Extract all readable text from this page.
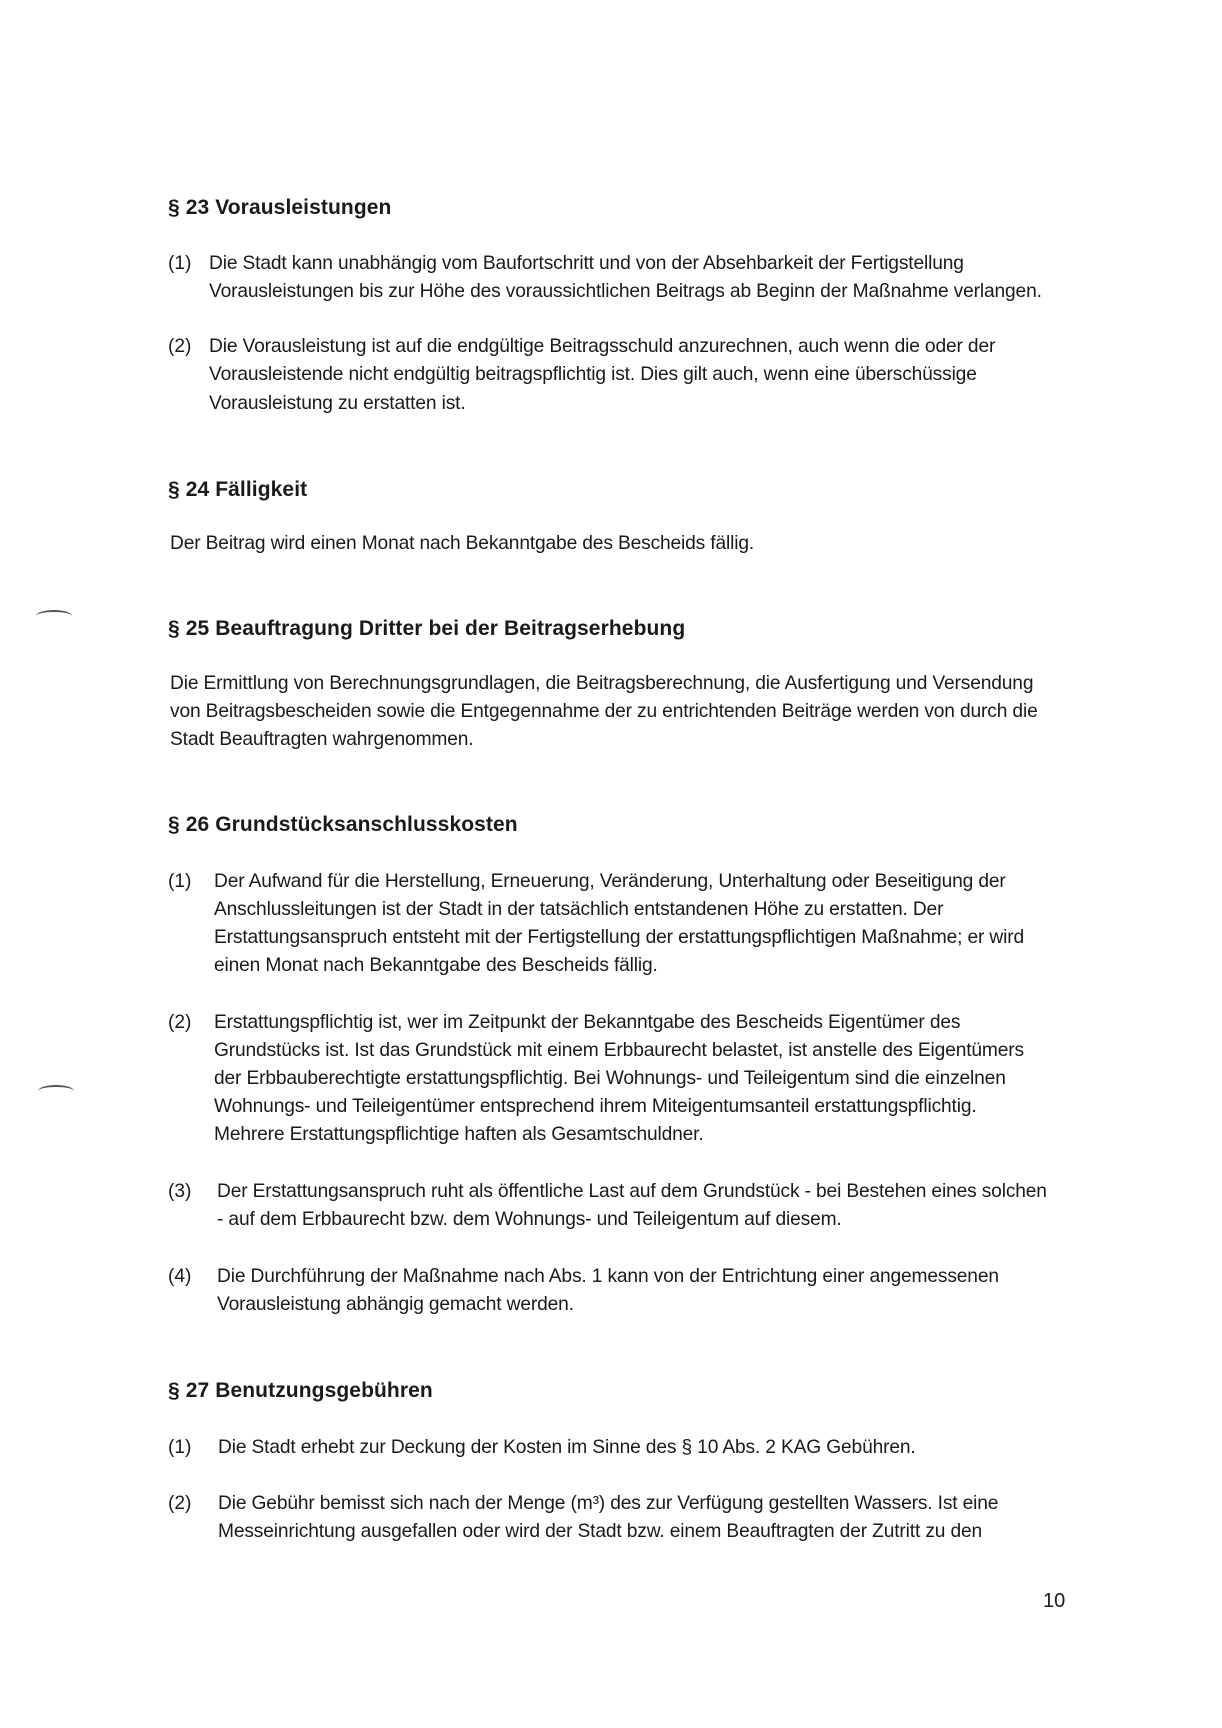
§ 23 Vorausleistungen
(1) Die Stadt kann unabhängig vom Baufortschritt und von der Absehbarkeit der Fertigstellung
Vorausleistungen bis zur Höhe des voraussichtlichen Beitrags ab Beginn der Maßnahme verlangen.
(2) Die Vorausleistung ist auf die endgültige Beitragsschuld anzurechnen, auch wenn die oder der
Vorausleistende nicht endgültig beitragspflichtig ist. Dies gilt auch, wenn eine überschüssige
Vorausleistung zu erstatten ist.
§ 24 Fälligkeit
Der Beitrag wird einen Monat nach Bekanntgabe des Bescheids fällig.
§ 25 Beauftragung Dritter bei der Beitragserhebung
Die Ermittlung von Berechnungsgrundlagen, die Beitragsberechnung, die Ausfertigung und Versendung
von Beitragsbescheiden sowie die Entgegennahme der zu entrichtenden Beiträge werden von durch die
Stadt Beauftragten wahrgenommen.
§ 26 Grundstücksanschlusskosten
(1) Der Aufwand für die Herstellung, Erneuerung, Veränderung, Unterhaltung oder Beseitigung der
Anschlussleitungen ist der Stadt in der tatsächlich entstandenen Höhe zu erstatten. Der
Erstattungsanspruch entsteht mit der Fertigstellung der erstattungspflichtigen Maßnahme; er wird
einen Monat nach Bekanntgabe des Bescheids fällig.
(2) Erstattungspflichtig ist, wer im Zeitpunkt der Bekanntgabe des Bescheids Eigentümer des
Grundstücks ist. Ist das Grundstück mit einem Erbbaurecht belastet, ist anstelle des Eigentümers
der Erbbauberechtigte erstattungspflichtig. Bei Wohnungs- und Teileigentum sind die einzelnen
Wohnungs- und Teileigentümer entsprechend ihrem Miteigentumsanteil erstattungspflichtig.
Mehrere Erstattungspflichtige haften als Gesamtschuldner.
(3) Der Erstattungsanspruch ruht als öffentliche Last auf dem Grundstück - bei Bestehen eines solchen
- auf dem Erbbaurecht bzw. dem Wohnungs- und Teileigentum auf diesem.
(4) Die Durchführung der Maßnahme nach Abs. 1 kann von der Entrichtung einer angemessenen
Vorausleistung abhängig gemacht werden.
§ 27 Benutzungsgebühren
(1) Die Stadt erhebt zur Deckung der Kosten im Sinne des § 10 Abs. 2 KAG Gebühren.
(2) Die Gebühr bemisst sich nach der Menge (m³) des zur Verfügung gestellten Wassers. Ist eine
Messeinrichtung ausgefallen oder wird der Stadt bzw. einem Beauftragten der Zutritt zu den
10
